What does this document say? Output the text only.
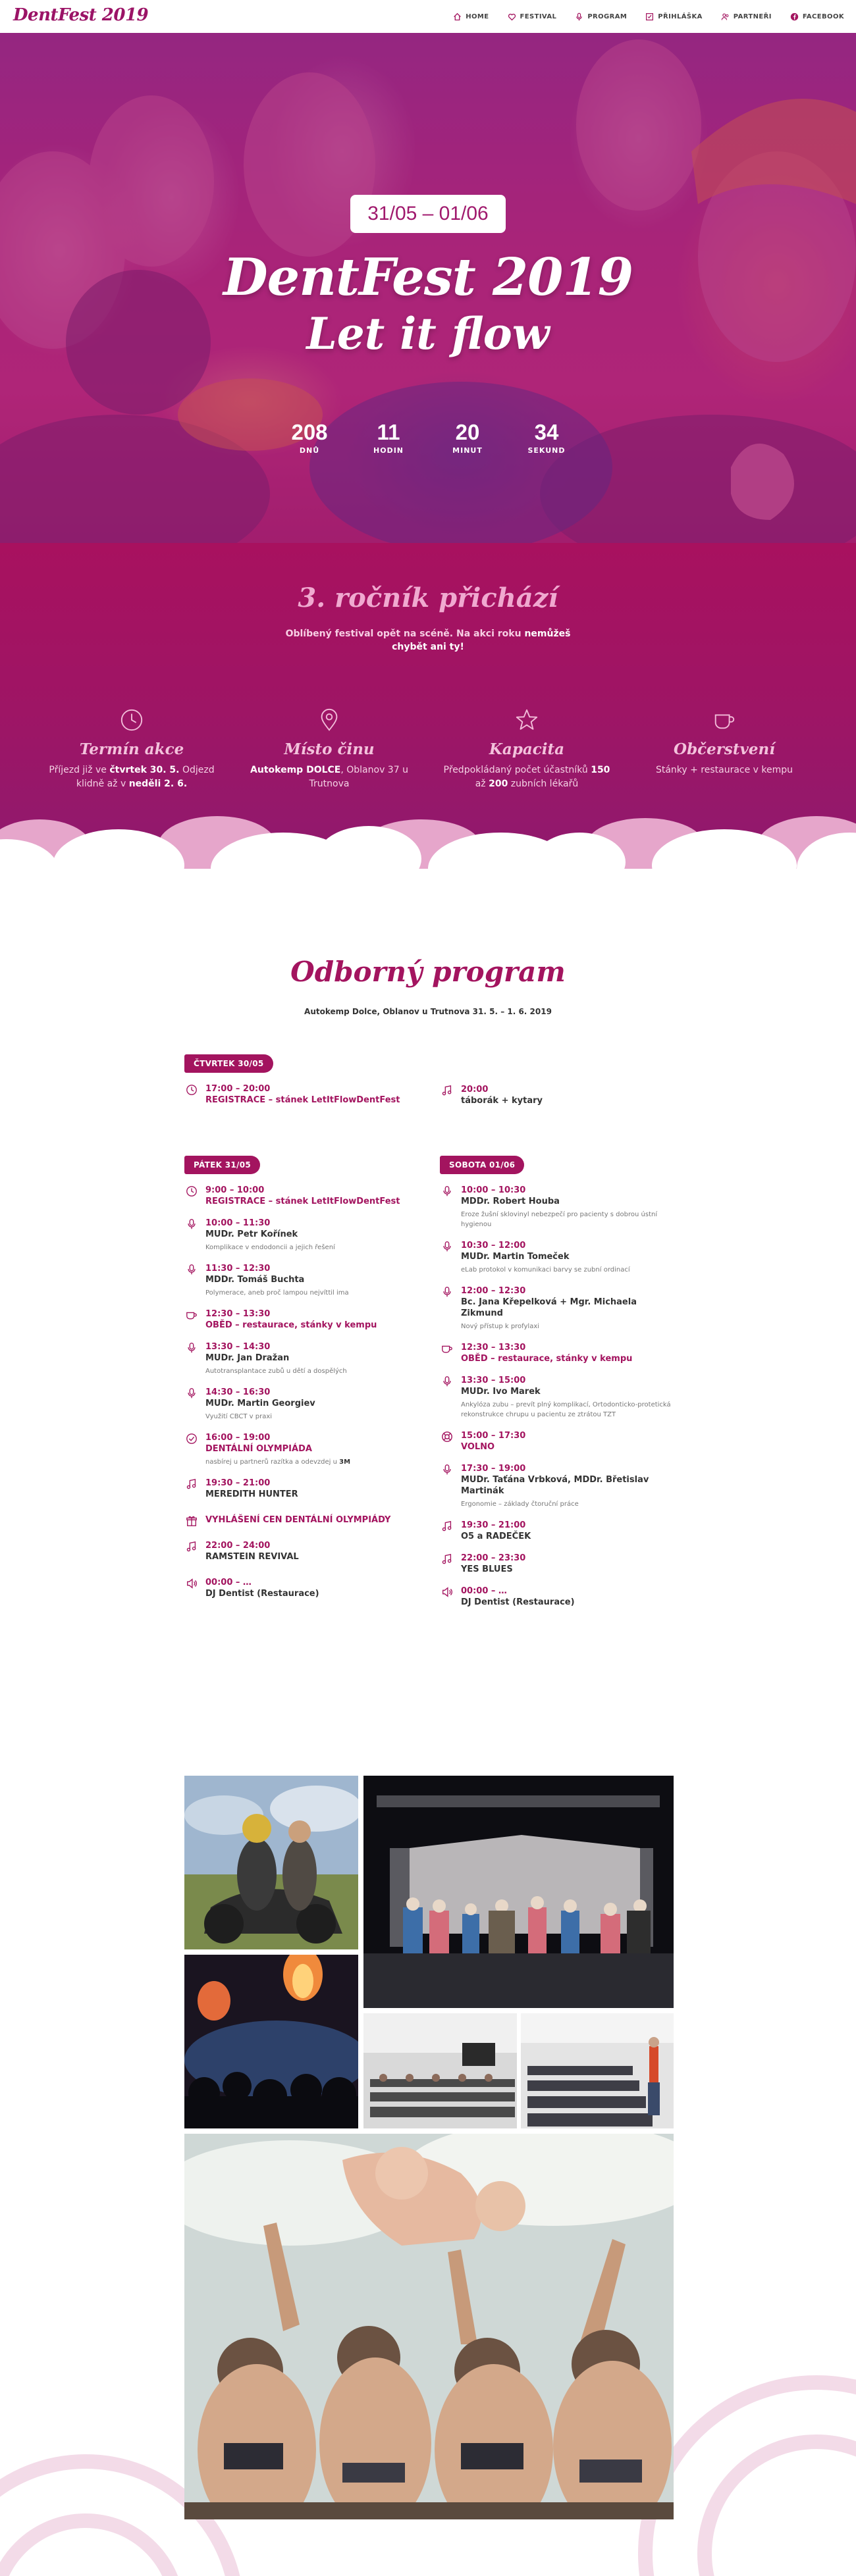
DentFest 2019	HOME	FESTIVAL	PROGRAM	PŘIHLÁŠKA	PARTNEŘI	FACEBOOK
31/05 – 01/06
DentFest 2019
Let it flow
208
DNŮ
11
HODIN
20
MINUT
34
SEKUND
3. ročník přichází
Oblíbený festival opět na scéně. Na akci roku nemůžeš chybět ani ty!
Termín akce
Příjezd již ve čtvrtek 30. 5. Odjezd klidně až v neděli 2. 6.
Místo činu
Autokemp DOLCE, Oblanov 37 u Trutnova
Kapacita
Předpokládaný počet účastníků 150 až 200 zubních lékařů
Občerstvení
Stánky + restaurace v kempu
Odborný program
Autokemp Dolce, Oblanov u Trutnova 31. 5. – 1. 6. 2019
ČTVRTEK 30/05
17:00 – 20:00
REGISTRACE – stánek LetItFlowDentFest
20:00
táborák + kytary
PÁTEK 31/05
9:00 – 10:00
REGISTRACE – stánek LetItFlowDentFest
10:00 – 11:30
MUDr. Petr Kořínek
Komplikace v endodoncii a jejich řešení
11:30 – 12:30
MDDr. Tomáš Buchta
Polymerace, aneb proč lampou nejvíttil ima
12:30 – 13:30
OBĚD – restaurace, stánky v kempu
13:30 – 14:30
MUDr. Jan Dražan
Autotransplantace zubů u dětí a dospělých
14:30 – 16:30
MUDr. Martin Georgiev
Využití CBCT v praxi
16:00 – 19:00
DENTÁLNÍ OLYMPIÁDA
nasbírej u partnerů razítka a odevzdej u 3M
19:30 – 21:00
MEREDITH HUNTER
VYHLÁŠENÍ CEN DENTÁLNÍ OLYMPIÁDY
22:00 – 24:00
RAMSTEIN REVIVAL
00:00 – …
DJ Dentist (Restaurace)
SOBOTA 01/06
10:00 – 10:30
MDDr. Robert Houba
Eroze žušní sklovinyl nebezpečí pro pacienty s dobrou ústní hygienou
10:30 – 12:00
MUDr. Martin Tomeček
eLab protokol v komunikaci barvy se zubní ordinací
12:00 – 12:30
Bc. Jana Křepelková + Mgr. Michaela Zikmund
Nový přístup k profylaxi
12:30 – 13:30
OBĚD – restaurace, stánky v kempu
13:30 – 15:00
MUDr. Ivo Marek
Ankylóza zubu – prevít plný komplikací, Ortodonticko-protetická rekonstrukce chrupu u pacientu ze ztrátou TZT
15:00 – 17:30
VOLNO
17:30 – 19:00
MUDr. Taťána Vrbková, MDDr. Břetislav Martinák
Ergonomie – základy čtoruční práce
19:30 – 21:00
O5 a RADEČEK
22:00 – 23:30
YES BLUES
00:00 – …
DJ Dentist (Restaurace)
